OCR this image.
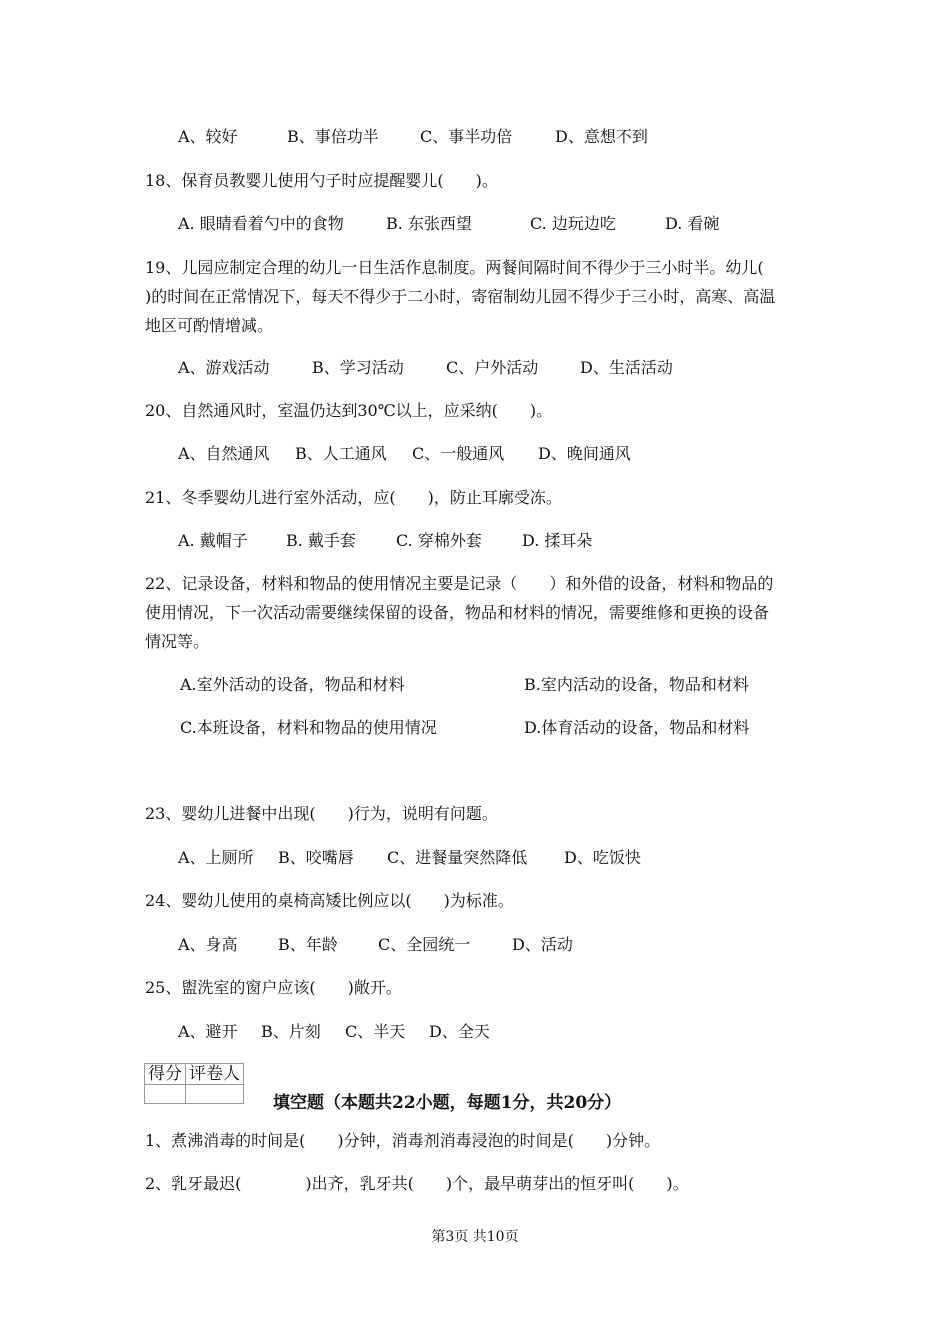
A、较好	B、事倍功半	C、事半功倍	D、意想不到
18、保育员教婴儿使用勺子时应提醒婴儿(　　)。
A. 眼睛看着勺中的食物	B. 东张西望	C. 边玩边吃	D. 看碗
19、儿园应制定合理的幼儿一日生活作息制度。两餐间隔时间不得少于三小时半。幼儿(
)的时间在正常情况下，每天不得少于二小时，寄宿制幼儿园不得少于三小时，高寒、高温
地区可酌情增减。
A、游戏活动	B、学习活动	C、户外活动	D、生活活动
20、自然通风时，室温仍达到30℃以上，应采纳(　　)。
A、自然通风 B、人工通风 C、一般通风 D、晚间通风
21、冬季婴幼儿进行室外活动，应(　　)，防止耳廓受冻。
A. 戴帽子 B. 戴手套	C. 穿棉外套	D. 揉耳朵
22、记录设备，材料和物品的使用情况主要是记录（　　）和外借的设备，材料和物品的
使用情况，下一次活动需要继续保留的设备，物品和材料的情况，需要维修和更换的设备
情况等。
A.室外活动的设备，物品和材料	B.室内活动的设备，物品和材料
C.本班设备，材料和物品的使用情况	D.体育活动的设备，物品和材料
23、婴幼儿进餐中出现(　　)行为，说明有问题。
A、上厕所 B、咬嘴唇 C、进餐量突然降低 D、吃饭快
24、婴幼儿使用的桌椅高矮比例应以(　　)为标准。
A、身高	B、年龄	C、全园统一	D、活动
25、盥洗室的窗户应该(　　)敞开。
A、避开 B、片刻 C、半天 D、全天
得分	评卷人

填空题（本题共22小题，每题1分，共20分）
1、煮沸消毒的时间是(　　)分钟，消毒剂消毒浸泡的时间是(　　)分钟。
2、乳牙最迟(　　　　)出齐，乳牙共(　　)个，最早萌芽出的恒牙叫(　　)。
第3页 共10页
